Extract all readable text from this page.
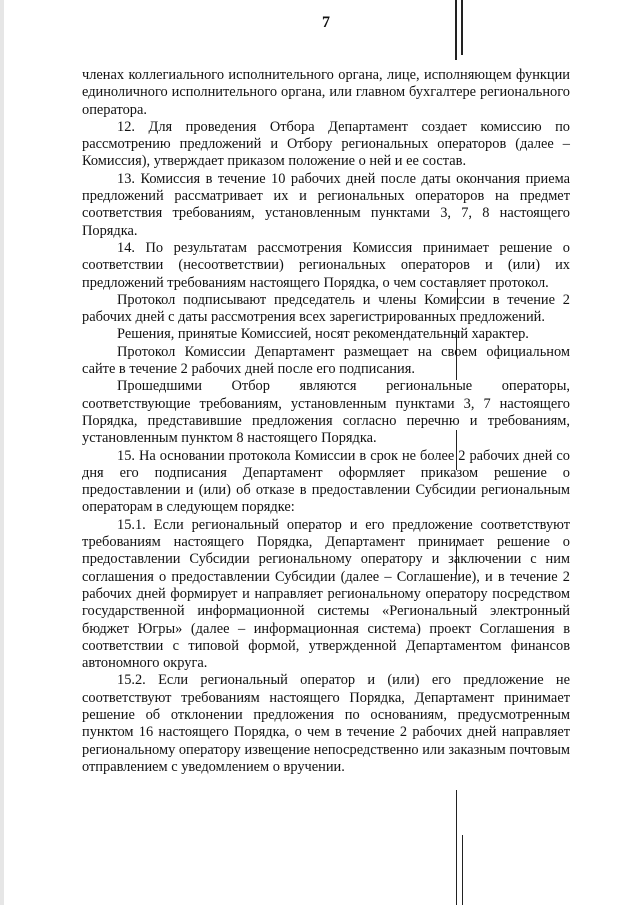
7

членах коллегиального исполнительного органа, лице, исполняющем функции единоличного исполнительного органа, или главном бухгалтере регионального оператора.

12. Для проведения Отбора Департамент создает комиссию по рассмотрению предложений и Отбору региональных операторов (далее – Комиссия), утверждает приказом положение о ней и ее состав.

13. Комиссия в течение 10 рабочих дней после даты окончания приема предложений рассматривает их и региональных операторов на предмет соответствия требованиям, установленным пунктами 3, 7, 8 настоящего Порядка.

14. По результатам рассмотрения Комиссия принимает решение о соответствии (несоответствии) региональных операторов и (или) их предложений требованиям настоящего Порядка, о чем составляет протокол.

Протокол подписывают председатель и члены Комиссии в течение 2 рабочих дней с даты рассмотрения всех зарегистрированных предложений.

Решения, принятые Комиссией, носят рекомендательный характер.

Протокол Комиссии Департамент размещает на своем официальном сайте в течение 2 рабочих дней после его подписания.

Прошедшими Отбор являются региональные операторы, соответствующие требованиям, установленным пунктами 3, 7 настоящего Порядка, представившие предложения согласно перечню и требованиям, установленным пунктом 8 настоящего Порядка.

15. На основании протокола Комиссии в срок не более 2 рабочих дней со дня его подписания Департамент оформляет приказом решение о предоставлении и (или) об отказе в предоставлении Субсидии региональным операторам в следующем порядке:

15.1. Если региональный оператор и его предложение соответствуют требованиям настоящего Порядка, Департамент принимает решение о предоставлении Субсидии региональному оператору и заключении с ним соглашения о предоставлении Субсидии (далее – Соглашение), и в течение 2 рабочих дней формирует и направляет региональному оператору посредством государственной информационной системы «Региональный электронный бюджет Югры» (далее – информационная система) проект Соглашения в соответствии с типовой формой, утвержденной Департаментом финансов автономного округа.

15.2. Если региональный оператор и (или) его предложение не соответствуют требованиям настоящего Порядка, Департамент принимает решение об отклонении предложения по основаниям, предусмотренным пунктом 16 настоящего Порядка, о чем в течение 2 рабочих дней направляет региональному оператору извещение непосредственно или заказным почтовым отправлением с уведомлением о вручении.
